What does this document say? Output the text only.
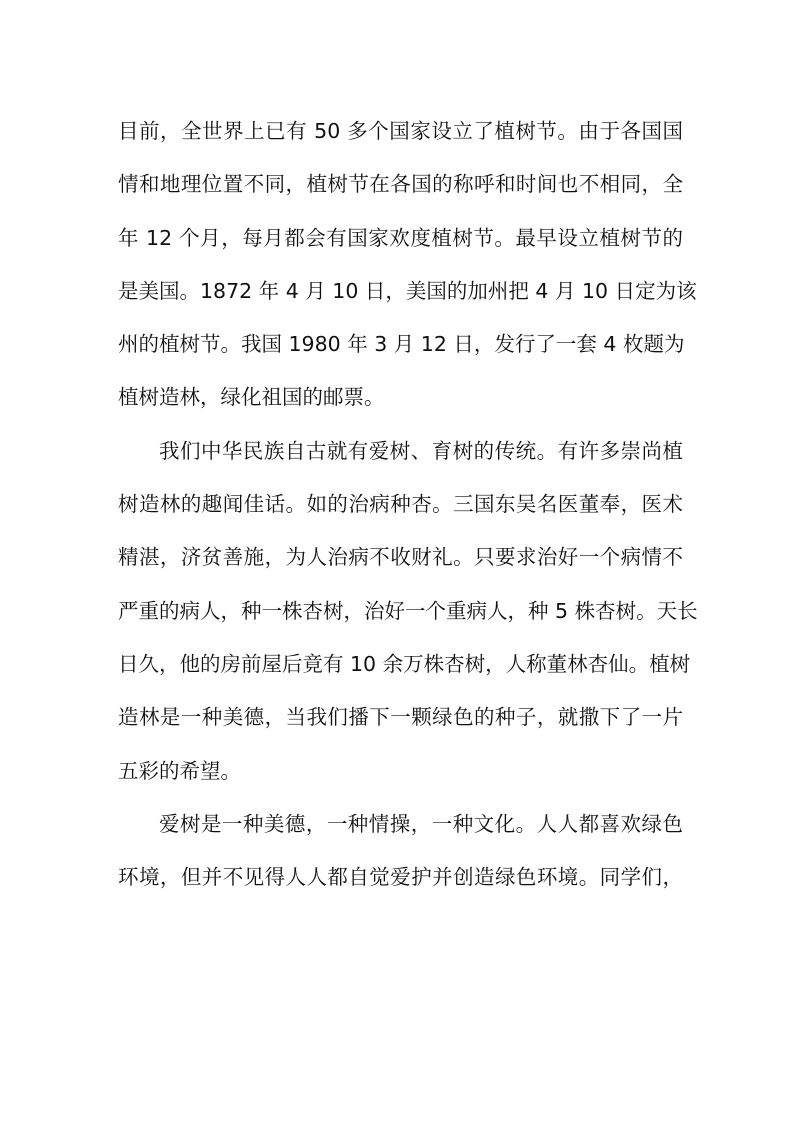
目前，全世界上已有 50 多个国家设立了植树节。由于各国国
情和地理位置不同，植树节在各国的称呼和时间也不相同，全
年 12 个月，每月都会有国家欢度植树节。最早设立植树节的
是美国。1872 年 4 月 10 日，美国的加州把 4 月 10 日定为该
州的植树节。我国 1980 年 3 月 12 日，发行了一套 4 枚题为
植树造林，绿化祖国的邮票。
我们中华民族自古就有爱树、育树的传统。有许多崇尚植
树造林的趣闻佳话。如的治病种杏。三国东吴名医董奉，医术
精湛，济贫善施，为人治病不收财礼。只要求治好一个病情不
严重的病人，种一株杏树，治好一个重病人，种 5 株杏树。天长
日久，他的房前屋后竟有 10 余万株杏树，人称董林杏仙。植树
造林是一种美德，当我们播下一颗绿色的种子，就撒下了一片
五彩的希望。
爱树是一种美德，一种情操，一种文化。人人都喜欢绿色
环境，但并不见得人人都自觉爱护并创造绿色环境。同学们，
